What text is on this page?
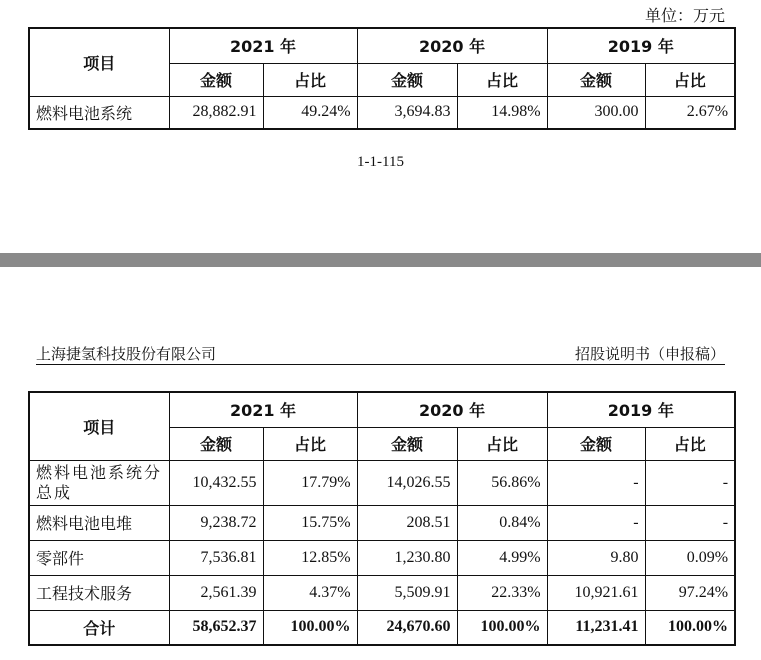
单位：万元
项目	2021 年		2020 年		2019 年	
	金额	占比	金额	占比	金额	占比
燃料电池系统	28,882.91	49.24%	3,694.83	14.98%	300.00	2.67%
1-1-115
上海捷氢科技股份有限公司	招股说明书（申报稿）
项目	2021 年		2020 年		2019 年	
	金额	占比	金额	占比	金额	占比
燃料电池系统分总成	10,432.55	17.79%	14,026.55	56.86%	-	-
燃料电池电堆	9,238.72	15.75%	208.51	0.84%	-	-
零部件	7,536.81	12.85%	1,230.80	4.99%	9.80	0.09%
工程技术服务	2,561.39	4.37%	5,509.91	22.33%	10,921.61	97.24%
合计	58,652.37	100.00%	24,670.60	100.00%	11,231.41	100.00%
